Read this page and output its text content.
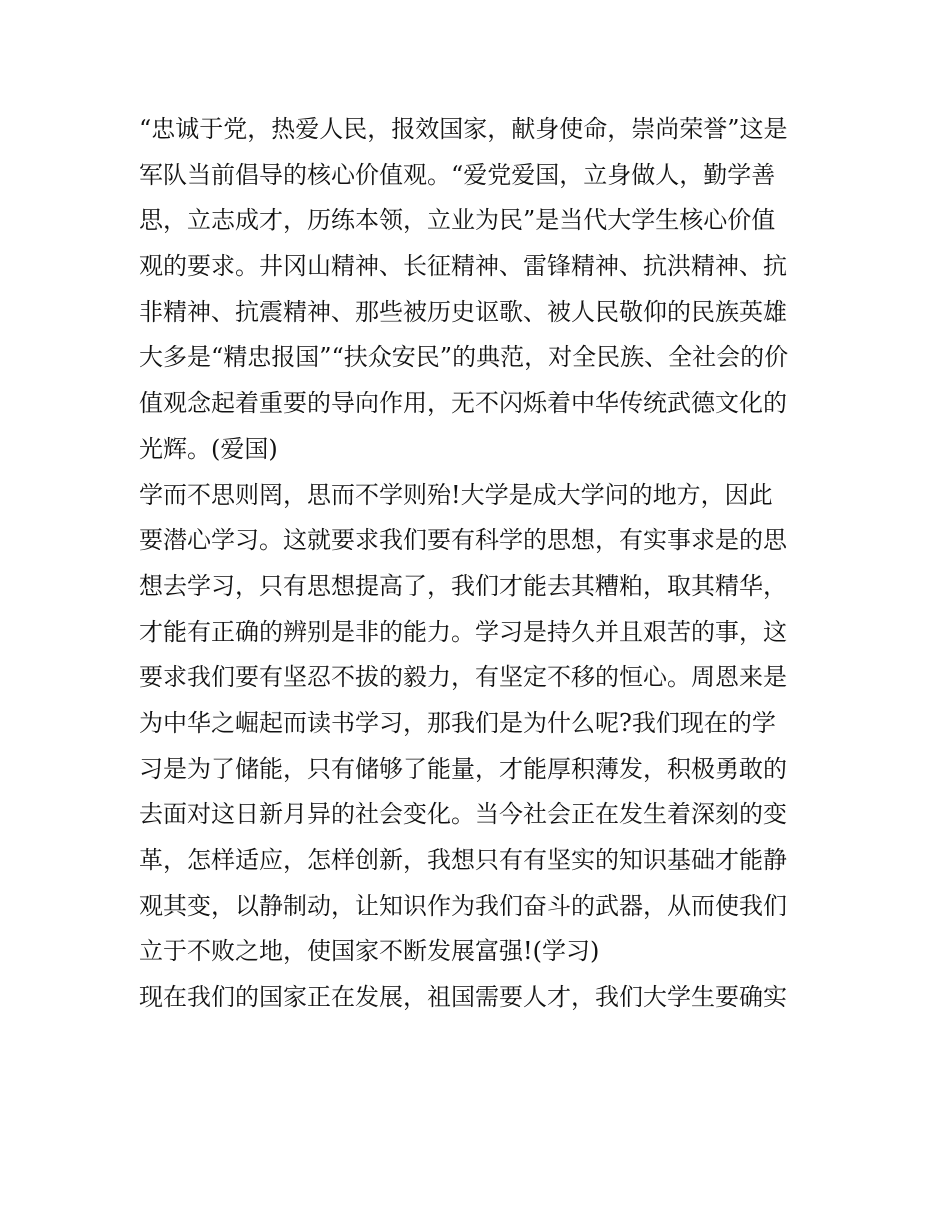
“忠诚于党，热爱人民，报效国家，献身使命，崇尚荣誉”这是
军队当前倡导的核心价值观。“爱党爱国，立身做人，勤学善
思，立志成才，历练本领，立业为民”是当代大学生核心价值
观的要求。井冈山精神、长征精神、雷锋精神、抗洪精神、抗
非精神、抗震精神、那些被历史讴歌、被人民敬仰的民族英雄
大多是“精忠报国”“扶众安民”的典范，对全民族、全社会的价
值观念起着重要的导向作用，无不闪烁着中华传统武德文化的
光辉。(爱国)
学而不思则罔，思而不学则殆!大学是成大学问的地方，因此
要潜心学习。这就要求我们要有科学的思想，有实事求是的思
想去学习，只有思想提高了，我们才能去其糟粕，取其精华，
才能有正确的辨别是非的能力。学习是持久并且艰苦的事，这
要求我们要有坚忍不拔的毅力，有坚定不移的恒心。周恩来是
为中华之崛起而读书学习，那我们是为什么呢?我们现在的学
习是为了储能，只有储够了能量，才能厚积薄发，积极勇敢的
去面对这日新月异的社会变化。当今社会正在发生着深刻的变
革，怎样适应，怎样创新，我想只有有坚实的知识基础才能静
观其变，以静制动，让知识作为我们奋斗的武器，从而使我们
立于不败之地，使国家不断发展富强!(学习)
现在我们的国家正在发展，祖国需要人才，我们大学生要确实
